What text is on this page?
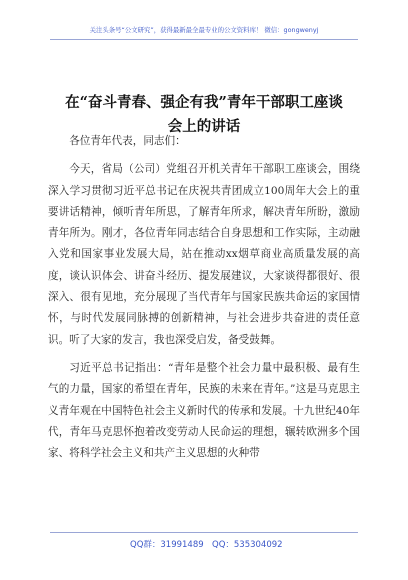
关注头条号“公文研究”，获得最新最全最专业的公文资料库！ 微信：gongwenyj
在“奋斗青春、强企有我”青年干部职工座谈
会上的讲话

各位青年代表，同志们：

今天，省局（公司）党组召开机关青年干部职工座谈会，围绕深入学习贯彻习近平总书记在庆祝共青团成立100周年大会上的重要讲话精神，倾听青年所思，了解青年所求，解决青年所盼，激励青年所为。刚才，各位青年同志结合自身思想和工作实际，主动融入党和国家事业发展大局，站在推动xx烟草商业高质量发展的高度，谈认识体会、讲奋斗经历、提发展建议，大家谈得都很好、很深入、很有见地，充分展现了当代青年与国家民族共命运的家国情怀，与时代发展同脉搏的创新精神，与社会进步共奋进的责任意识。听了大家的发言，我也深受启发，备受鼓舞。

习近平总书记指出：“青年是整个社会力量中最积极、最有生气的力量，国家的希望在青年，民族的未来在青年。”这是马克思主义青年观在中国特色社会主义新时代的传承和发展。十九世纪40年代，青年马克思怀抱着改变劳动人民命运的理想，辗转欧洲多个国家、将科学社会主义和共产主义思想的火种带

QQ群：31991489 QQ：535304092
